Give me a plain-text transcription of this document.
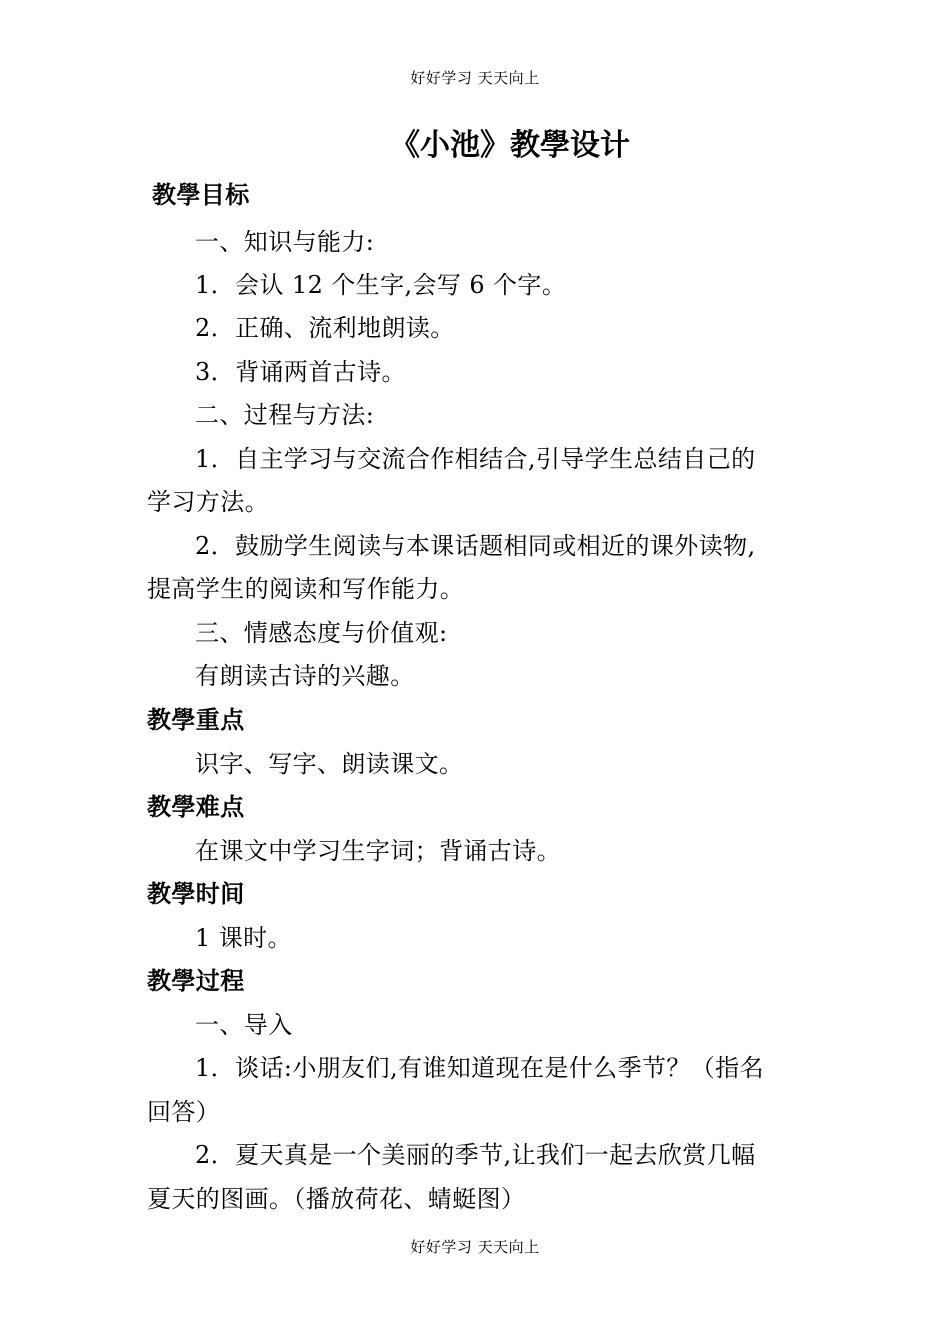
好好学习 天天向上
《小池》教學设计
教學目标
一、知识与能力:
1．会认 12 个生字,会写 6 个字。
2．正确、流利地朗读。
3．背诵两首古诗。
二、过程与方法:
1．自主学习与交流合作相结合,引导学生总结自己的
学习方法。
2．鼓励学生阅读与本课话题相同或相近的课外读物,
提高学生的阅读和写作能力。
三、情感态度与价值观:
有朗读古诗的兴趣。
教學重点
识字、写字、朗读课文。
教學难点
在课文中学习生字词；背诵古诗。
教學时间
1 课时。
教學过程
一、导入
1．谈话:小朋友们,有谁知道现在是什么季节？（指名
回答）
2．夏天真是一个美丽的季节,让我们一起去欣赏几幅
夏天的图画。（播放荷花、蜻蜓图）
好好学习 天天向上
